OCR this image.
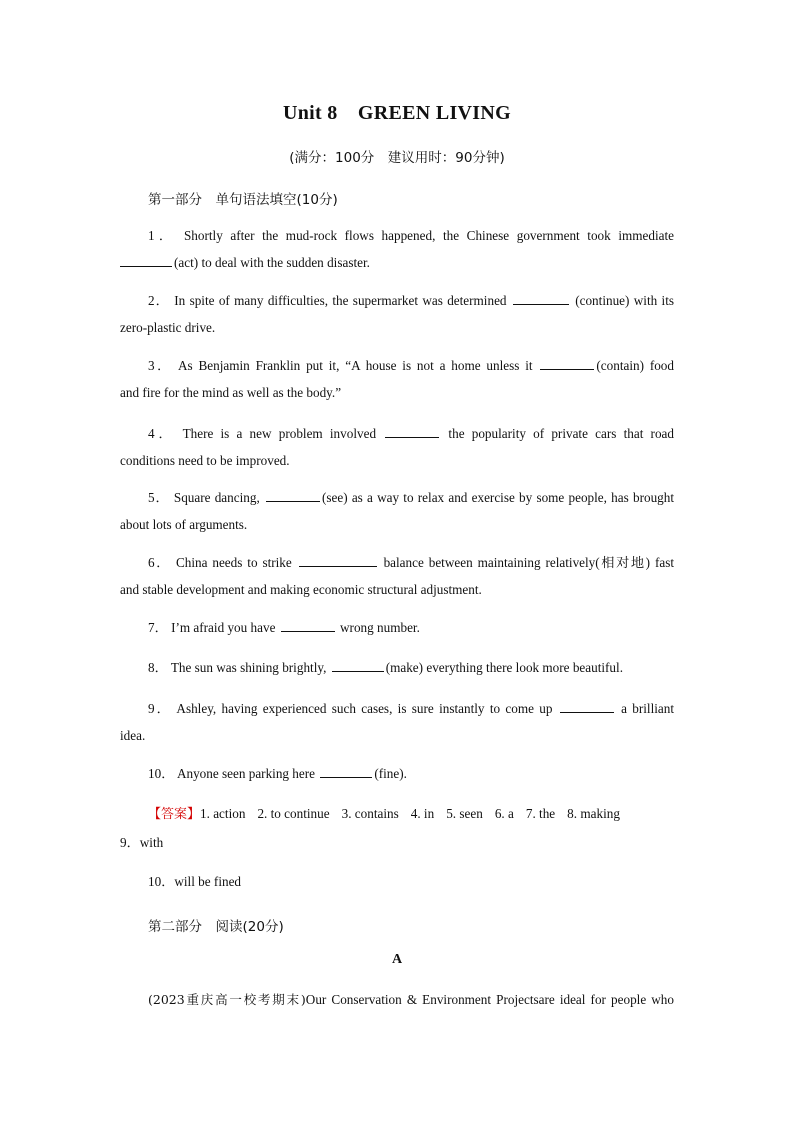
Unit 8　GREEN LIVING
(满分：100分　建议用时：90分钟)
第一部分　单句语法填空(10分)
1． Shortly after the mud-rock flows happened, the Chinese government took immediate
(act) to deal with the sudden disaster.
2． In spite of many difficulties, the supermarket was determined	(continue) with its
zero-plastic drive.
3． As Benjamin Franklin put it, “A house is not a home unless it	(contain) food
and fire for the mind as well as the body.”
4． There is a new problem involved	the popularity of private cars that road
conditions need to be improved.
5． Square dancing,	(see) as a way to relax and exercise by some people, has brought
about lots of arguments.
6． China needs to strike	balance between maintaining relatively(相对地) fast
and stable development and making economic structural adjustment.
7． I’m afraid you have	wrong number.
8． The sun was shining brightly,	(make) everything there look more beautiful.
9． Ashley, having experienced such cases, is sure instantly to come up	a brilliant
idea.
10． Anyone seen parking here	(fine).
【答案】1. action 2. to continue 3. contains 4. in 5. seen 6. a 7. the 8. making
9．with
10．will be fined
第二部分　阅读(20分)
A
(2023重庆高一校考期末)Our Conservation & Environment Projectsare ideal for people who
